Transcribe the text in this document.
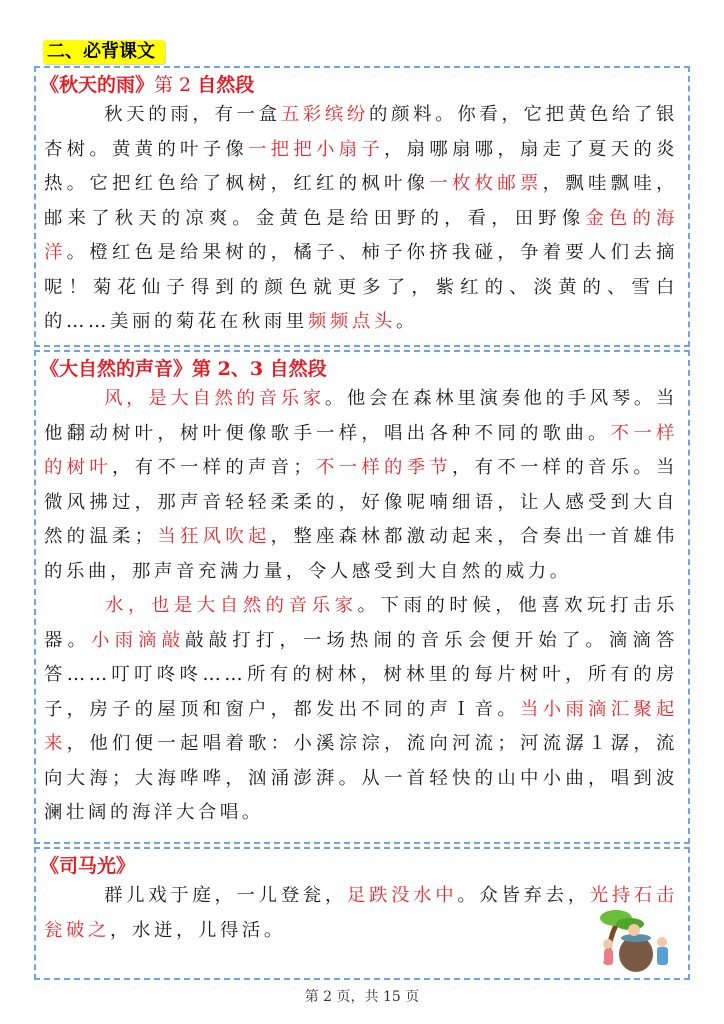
二、必背课文
《秋天的雨》第 2 自然段
秋天的雨，有一盒五彩缤纷的颜料。你看，它把黄色给了银杏树。黄黄的叶子像一把把小扇子，扇哪扇哪，扇走了夏天的炎热。它把红色给了枫树，红红的枫叶像一枚枚邮票，飘哇飘哇，邮来了秋天的凉爽。金黄色是给田野的，看，田野像金色的海洋。橙红色是给果树的，橘子、柿子你挤我碰，争着要人们去摘呢！菊花仙子得到的颜色就更多了，紫红的、淡黄的、雪白的……美丽的菊花在秋雨里频频点头。
《大自然的声音》第 2、3 自然段
风，是大自然的音乐家。他会在森林里演奏他的手风琴。当他翻动树叶，树叶便像歌手一样，唱出各种不同的歌曲。不一样的树叶，有不一样的声音；不一样的季节，有不一样的音乐。当微风拂过，那声音轻轻柔柔的，好像呢喃细语，让人感受到大自然的温柔；当狂风吹起，整座森林都激动起来，合奏出一首雄伟的乐曲，那声音充满力量，令人感受到大自然的威力。
水，也是大自然的音乐家。下雨的时候，他喜欢玩打击乐器。小雨滴敲敲敲打打，一场热闹的音乐会便开始了。滴滴答答……叮叮咚咚……所有的树林，树林里的每片树叶，所有的房子，房子的屋顶和窗户，都发出不同的声Ｉ音。当小雨滴汇聚起来，他们便一起唱着歌：小溪淙淙，流向河流；河流潺１潺，流向大海；大海哗哗，汹涌澎湃。从一首轻快的山中小曲，唱到波澜壮阔的海洋大合唱。
《司马光》
群儿戏于庭，一儿登瓮，足跌没水中。众皆弃去，光持石击瓮破之，水迸，儿得活。
第 2 页，共 15 页
